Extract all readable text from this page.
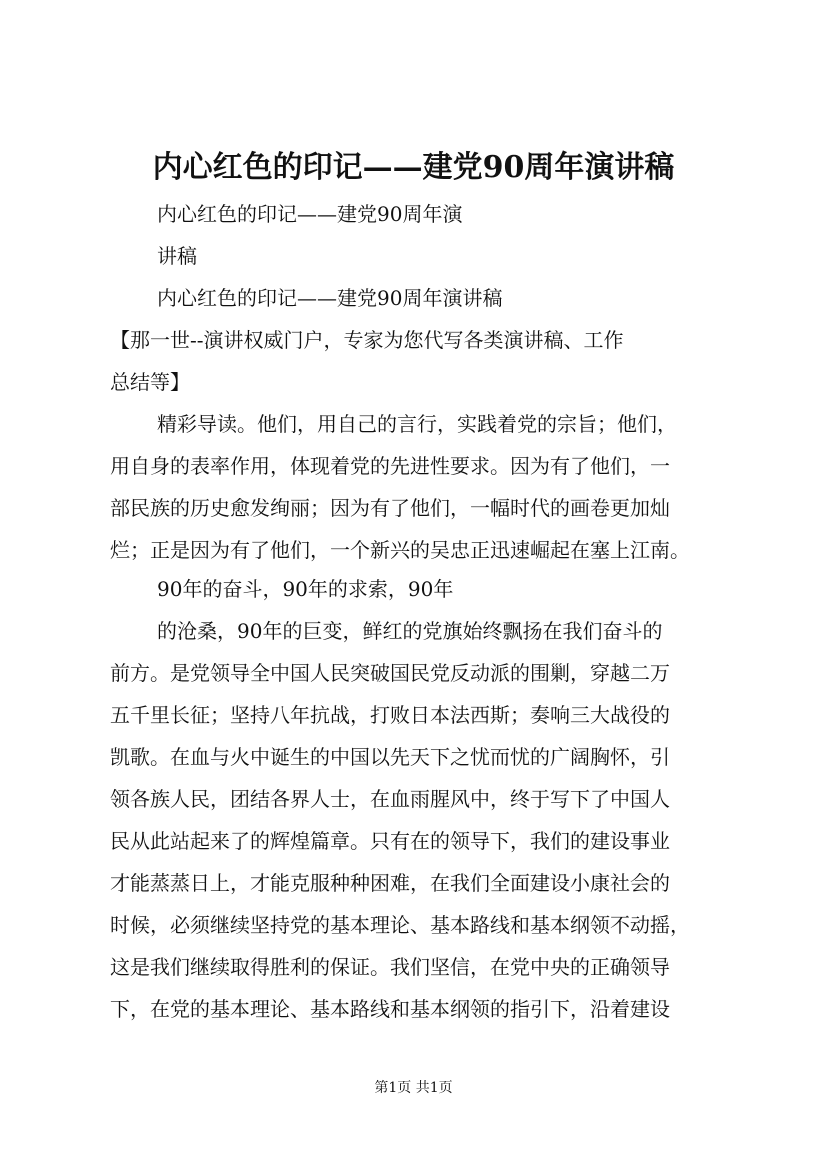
内心红色的印记——建党90周年演讲稿
内心红色的印记——建党90周年演
讲稿
内心红色的印记——建党90周年演讲稿
【那一世--演讲权威门户，专家为您代写各类演讲稿、工作
总结等】
精彩导读。他们，用自己的言行，实践着党的宗旨；他们，
用自身的表率作用，体现着党的先进性要求。因为有了他们，一
部民族的历史愈发绚丽；因为有了他们，一幅时代的画卷更加灿
烂；正是因为有了他们，一个新兴的吴忠正迅速崛起在塞上江南。
90年的奋斗，90年的求索，90年
的沧桑，90年的巨变，鲜红的党旗始终飘扬在我们奋斗的
前方。是党领导全中国人民突破国民党反动派的围剿，穿越二万
五千里长征；坚持八年抗战，打败日本法西斯；奏响三大战役的
凯歌。在血与火中诞生的中国以先天下之忧而忧的广阔胸怀，引
领各族人民，团结各界人士，在血雨腥风中，终于写下了中国人
民从此站起来了的辉煌篇章。只有在的领导下，我们的建设事业
才能蒸蒸日上，才能克服种种困难，在我们全面建设小康社会的
时候，必须继续坚持党的基本理论、基本路线和基本纲领不动摇，
这是我们继续取得胜利的保证。我们坚信，在党中央的正确领导
下，在党的基本理论、基本路线和基本纲领的指引下，沿着建设
第1页 共1页
